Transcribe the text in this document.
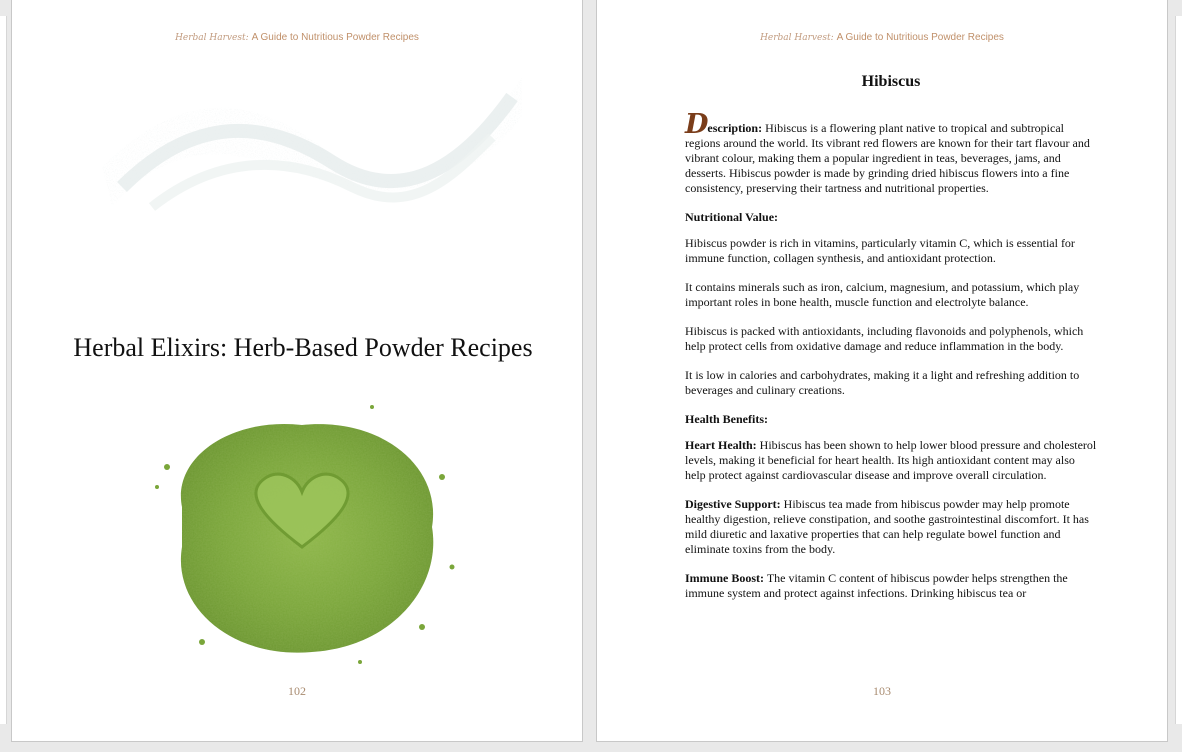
Herbal Harvest: A Guide to Nutritious Powder Recipes
Herbal Elixirs: Herb-Based Powder Recipes
102
Herbal Harvest: A Guide to Nutritious Powder Recipes
Hibiscus

Description: Hibiscus is a flowering plant native to tropical and subtropical regions around the world. Its vibrant red flowers are known for their tart flavour and vibrant colour, making them a popular ingredient in teas, beverages, jams, and desserts. Hibiscus powder is made by grinding dried hibiscus flowers into a fine consistency, preserving their tartness and nutritional properties.

Nutritional Value:

Hibiscus powder is rich in vitamins, particularly vitamin C, which is essential for immune function, collagen synthesis, and antioxidant protection.

It contains minerals such as iron, calcium, magnesium, and potassium, which play important roles in bone health, muscle function and electrolyte balance.

Hibiscus is packed with antioxidants, including flavonoids and polyphenols, which help protect cells from oxidative damage and reduce inflammation in the body.

It is low in calories and carbohydrates, making it a light and refreshing addition to beverages and culinary creations.

Health Benefits:

Heart Health: Hibiscus has been shown to help lower blood pressure and cholesterol levels, making it beneficial for heart health. Its high antioxidant content may also help protect against cardiovascular disease and improve overall circulation.

Digestive Support: Hibiscus tea made from hibiscus powder may help promote healthy digestion, relieve constipation, and soothe gastrointestinal discomfort. It has mild diuretic and laxative properties that can help regulate bowel function and eliminate toxins from the body.

Immune Boost: The vitamin C content of hibiscus powder helps strengthen the immune system and protect against infections. Drinking hibiscus tea or

103
